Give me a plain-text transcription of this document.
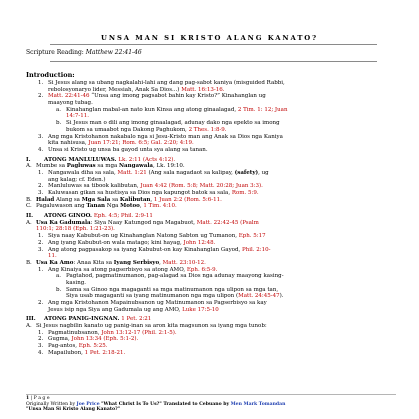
UNSA MAN SI KRISTO ALANG KANATO?
Scripture Reading: Matthew 22:41-46
Introduction:
1. Si Jesus alang sa ubang nagkalahi-lahi ang dang pag-sabot kaniya (misguided Rabbi,
rebolosyonaryo lider, Messiah, Anak Sa Dios...) Matt. 16:13-16.
2. Matt. 22:41-46 “Unsa ang imong pagsabot bahin kay Kristo?” Kinahanglan ug
maayong tubag.
a. Kinahanglan mabal-an nato kun Kinsa ang atong ginaalagad, 2 Tim. 1: 12; Juan
14:7-11.
b. Si Jesus man o dili ang imong ginaalagad, adunay dako nga epekto sa imong
bukom sa umaabot nga Dakong Paghukom, 2 Thes. 1:8-9.
3. Ang mga Kristohanon nakabalo nga si Jesu-Kristo man ang Anak sa Dios nga Kaniya
kita nahisusa, Juan 17:21; Rom. 6:5; Gal. 2:20; 4:19.
4. Unsa si Kristo ug unsa ba gayod unta sya alang sa tanan.
I. ATONG MANLULUWAS. Lk. 2:11 (Acts 4:12).
A. Mumbe sa Pagluwas sa mga Nangawala, Lk. 19:10.
1. Nangawala diha sa sala, Matt. 1:21 (Ang sala nagadaot sa kalipay, (safety), ug
ang kalag; cf. Eden.)
2. Manluluwas sa tibook kalibutan, Juan 4:42 (Rom. 5:8; Matt. 20:28; Juan 3:3).
3. Kaluwasan gikan sa hustisya sa Dios nga kapungot batok sa sala, Rom. 5:9.
B. Halad Alang sa Mga Sala sa Kalibutan, 1 Juan 2:2 (Rom. 5:6-11.
C. Pagaluwason ang Tanan Nga Motoo, 1 Tim. 4:10.
II. ATONG GINOO. Eph. 4:5; Phil. 2:9-11
A. Usa Ka Gadumala: Siya Naay Katungod nga Magabuot, Matt. 22:42-45 (Psalm
110:1; 28:18 (Eph. 1:21-23).
1. Siya naay Kabubut-on ug Kinahanglan Natong Sabton ug Tumanon, Eph. 5:17
2. Ang iyang Kabubut-on wala matago; kini hayag, John 12:48.
3. Ang atong pagpasakop sa iyang Kabubut-on kay Kinahanglan Gayod, Phil. 2:10-
11.
B. Usa Ka Amo: Anaa Kita sa Iyang Serbisyo, Matt. 23:10-12.
1. Ang Kinaiya sa atong pagserbisyo sa atong AMO, Eph. 6:5-9.
a. Pagtahod, pagmatinumanon, pag-alagad sa Dios nga adunay maayong kasing-
kasing.
b. Sama sa Ginoo nga magaganti sa mga matinumanon nga ulipon sa mga tan,
Siya usab magaganti sa iyang matinumanon nga mga ulipon (Matt. 24:45-47).
2. Ang mga Kristohanon Mapainubsanon ug Matinumanon sa Pagserbisyo sa kay
Jesus isip nga Siya ang Gadumala ug ang AMO, Luke 17:5-10
III. ATONG PANIG-INGNAN. 1 Pet. 2:21
A. Si Jesus nagbilin kanato ug panig-inan sa aron kita magsunon sa iyang mga tunob:
1. Pagmatinubsanon, John 13:12-17 (Phil. 2:1-5).
2. Gugma, John 13:34 (Eph. 5:1-2).
3. Pag-antos, Eph. 5:25.
4. Mapailubon, 1 Pet. 2:18-21.
1 | P a g e
Originally Written by Joe Price "What Christ Is To Us?" Translated to Cebuano by Men Mark Tomandan
"Unsa Man Si Kristo Alang Kanato?"
